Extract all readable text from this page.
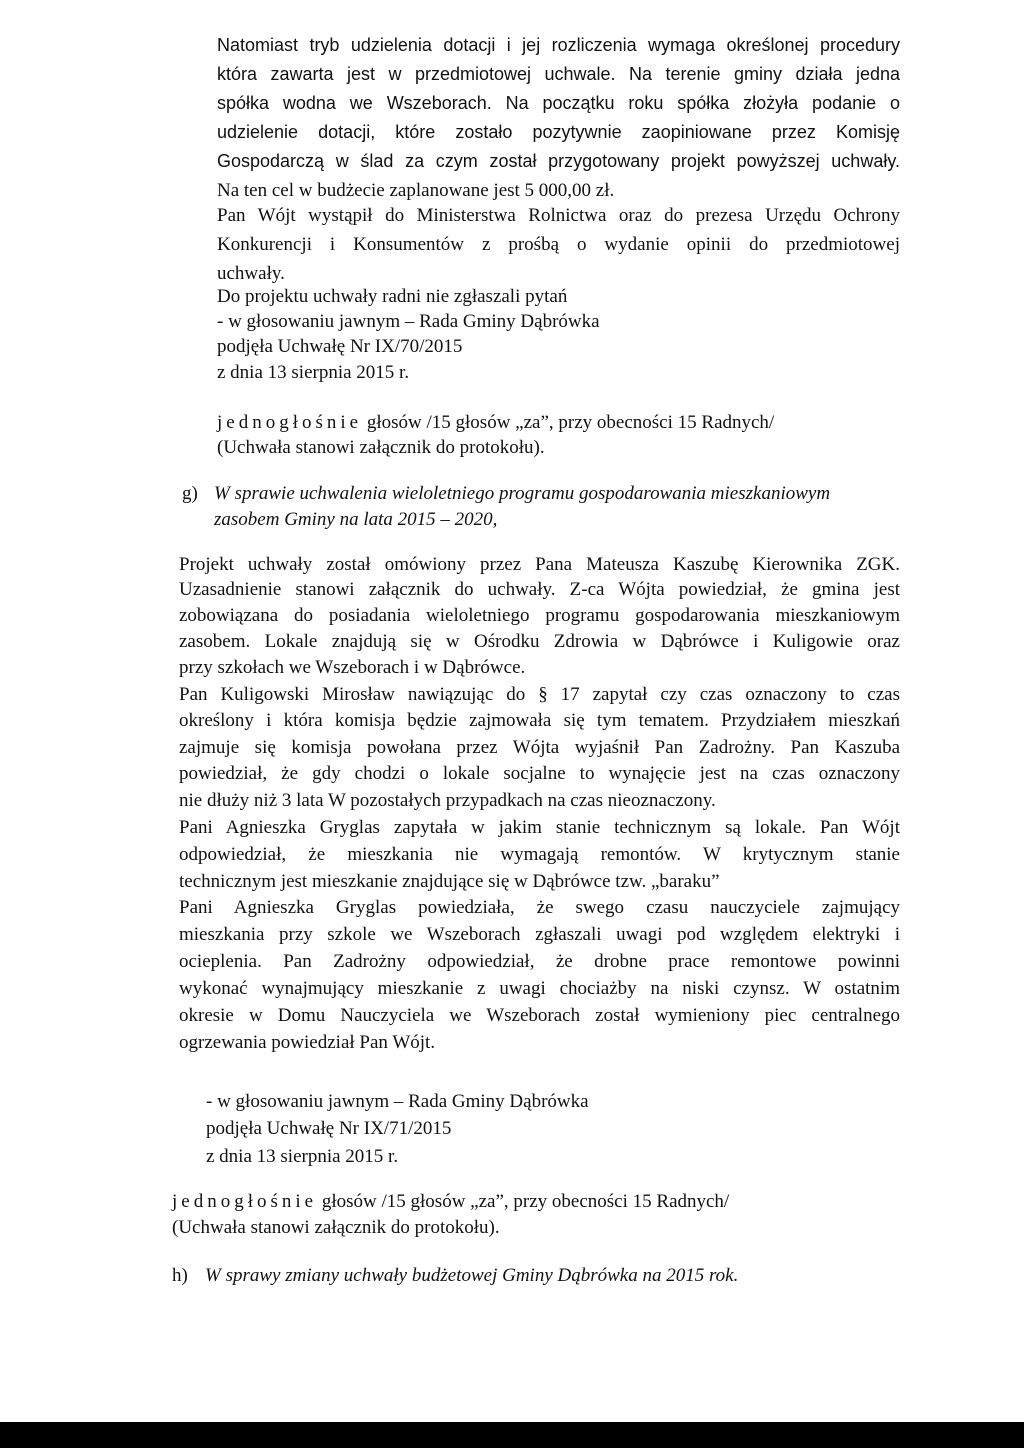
Natomiast tryb udzielenia dotacji i jej rozliczenia wymaga określonej procedury
która zawarta jest w przedmiotowej uchwale. Na terenie gminy działa jedna
spółka wodna we Wszeborach. Na początku roku spółka złożyła podanie o
udzielenie dotacji, które zostało pozytywnie zaopiniowane przez Komisję
Gospodarczą w ślad za czym został przygotowany projekt powyższej uchwały.
Na ten cel w budżecie zaplanowane jest 5 000,00 zł.
Pan Wójt wystąpił do Ministerstwa Rolnictwa oraz do prezesa Urzędu Ochrony
Konkurencji i Konsumentów z prośbą o wydanie opinii do przedmiotowej
uchwały.
Do projektu uchwały radni nie zgłaszali pytań
- w głosowaniu jawnym – Rada Gminy Dąbrówka
podjęła Uchwałę Nr IX/70/2015
z dnia 13 sierpnia 2015 r.
jednogłośnie głosów /15 głosów „za”, przy obecności 15 Radnych/
(Uchwała stanowi załącznik do protokołu).
g) W sprawie uchwalenia wieloletniego programu gospodarowania mieszkaniowym
zasobem Gminy na lata 2015 – 2020,
Projekt uchwały został omówiony przez Pana Mateusza Kaszubę Kierownika ZGK.
Uzasadnienie stanowi załącznik do uchwały. Z-ca Wójta powiedział, że gmina jest
zobowiązana do posiadania wieloletniego programu gospodarowania mieszkaniowym
zasobem. Lokale znajdują się w Ośrodku Zdrowia w Dąbrówce i Kuligowie oraz
przy szkołach we Wszeborach i w Dąbrówce.
Pan Kuligowski Mirosław nawiązując do § 17 zapytał czy czas oznaczony to czas
określony i która komisja będzie zajmowała się tym tematem. Przydziałem mieszkań
zajmuje się komisja powołana przez Wójta wyjaśnił Pan Zadrożny. Pan Kaszuba
powiedział, że gdy chodzi o lokale socjalne to wynajęcie jest na czas oznaczony
nie dłuży niż 3 lata W pozostałych przypadkach na czas nieoznaczony.
Pani Agnieszka Gryglas zapytała w jakim stanie technicznym są lokale. Pan Wójt
odpowiedział, że mieszkania nie wymagają remontów. W krytycznym stanie
technicznym jest mieszkanie znajdujące się w Dąbrówce tzw. „baraku”
Pani Agnieszka Gryglas powiedziała, że swego czasu nauczyciele zajmujący
mieszkania przy szkole we Wszeborach zgłaszali uwagi pod względem elektryki i
ocieplenia. Pan Zadrożny odpowiedział, że drobne prace remontowe powinni
wykonać wynajmujący mieszkanie z uwagi chociażby na niski czynsz. W ostatnim
okresie w Domu Nauczyciela we Wszeborach został wymieniony piec centralnego
ogrzewania powiedział Pan Wójt.
- w głosowaniu jawnym – Rada Gminy Dąbrówka
podjęła Uchwałę Nr IX/71/2015
z dnia 13 sierpnia 2015 r.
jednogłośnie głosów /15 głosów „za”, przy obecności 15 Radnych/
(Uchwała stanowi załącznik do protokołu).
h) W sprawy zmiany uchwały budżetowej Gminy Dąbrówka na 2015 rok.
